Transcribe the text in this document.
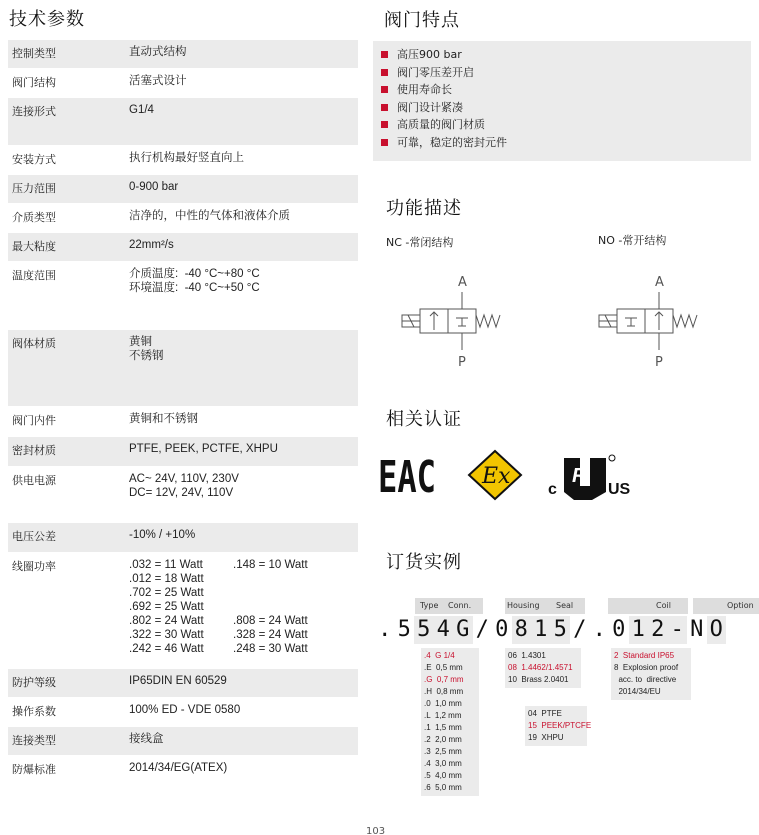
技术参数
控制类型	直动式结构
阀门结构	活塞式设计
连接形式	G1/4
安装方式	执行机构最好竖直向上
压力范围	0-900 bar
介质类型	洁净的，中性的气体和液体介质
最大粘度	22mm²/s
温度范围	介质温度:  -40 °C~+80 °C
环境温度:  -40 °C~+50 °C
阀体材质	黄铜
不锈钢
阀门内件	黄铜和不锈钢
密封材质	PTFE, PEEK, PCTFE, XHPU
供电电源	AC~ 24V, 110V, 230V
DC= 12V, 24V, 110V
电压公差	-10% / +10%
线圈功率	.032 = 11 Watt	.148 = 10 Watt
.012 = 18 Watt
.702 = 25 Watt
.692 = 25 Watt
.802 = 24 Watt	.808 = 24 Watt
.322 = 30 Watt	.328 = 24 Watt
.242 = 46 Watt	.248 = 30 Watt
防护等级	IP65DIN EN 60529
操作系数	100% ED - VDE 0580
连接类型	接线盒
防爆标准	2014/34/EG(ATEX)
阀门特点
高压900 bar
阀门零压差开启
使用寿命长
阀门设计紧凑
高质量的阀门材质
可靠，稳定的密封元件
功能描述
NC -常闭结构	NO -常开结构
A
P
A
P
相关认证
EAC Ex
c
R
US
订货实例
Type Conn.	Housing Seal	Coil	Option
. 5 5 4 G / 0 8 1 5 / . 0 1 2 - N O
.4 G 1/4
.E 0,5 mm
.G 0,7 mm
.H 0,8 mm
.0 1,0 mm
.L 1,2 mm
.1 1,5 mm
.2 2,0 mm
.3 2,5 mm
.4 3,0 mm
.5 4,0 mm
.6 5,0 mm
06 1.4301
08 1.4462/1.4571
10 Brass 2.0401
04 PTFE
15 PEEK/PTCFE
19 XHPU
2 Standard IP65
8 Explosion proof
acc. to  directive
2014/34/EU
103
